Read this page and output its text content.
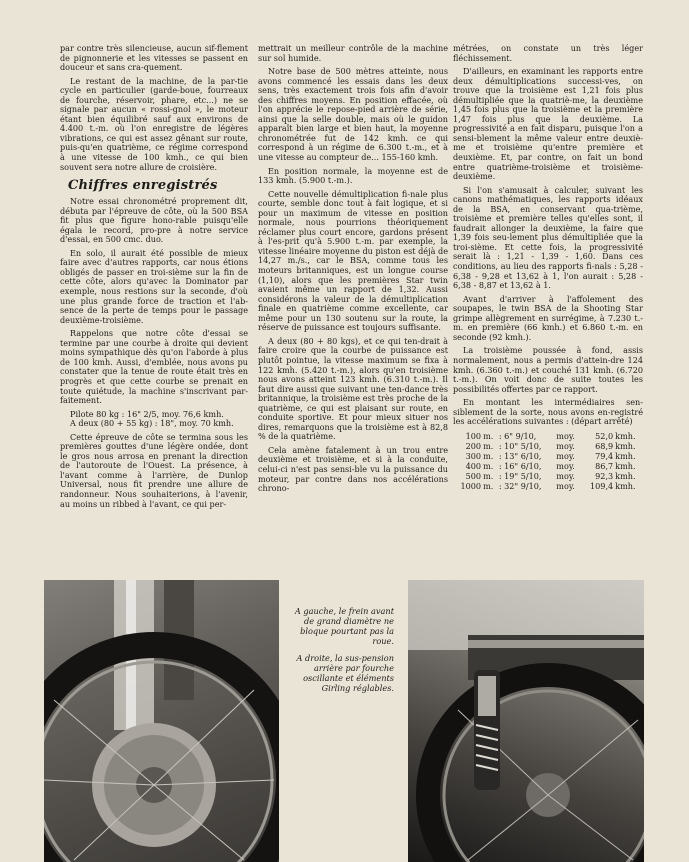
par contre très silencieuse, aucun sif-flement de pignonnerie et les vitesses se passent en douceur et sans cra-quement.

Le restant de la machine, de la par-tie cycle en particulier (garde-boue, fourreaux de fourche, réservoir, phare, etc...) ne se signale par aucun « rossi-gnol », le moteur étant bien équilibré sauf aux environs de 4.400 t.-m. où l'on enregistre de légères vibrations, ce qui est assez gênant sur route, puis-qu'en quatrième, ce régime correspond à une vitesse de 100 kmh., ce qui bien souvent sera notre allure de croisière.

Chiffres enregistrés

Notre essai chronométré proprement dit, débuta par l'épreuve de côte, où la 500 BSA fit plus que figure hono-rable puisqu'elle égala le record, pro-pre à notre service d'essai, en 500 cmc. duo.

En solo, il aurait été possible de mieux faire avec d'autres rapports, car nous étions obligés de passer en troi-sième sur la fin de cette côte, alors qu'avec la Dominator par exemple, nous restions sur la seconde, d'où une plus grande force de traction et l'ab-sence de la perte de temps pour le passage deuxième-troisième.

Rappelons que notre côte d'essai se termine par une courbe à droite qui devient moins sympathique dès qu'on l'aborde à plus de 100 kmh. Aussi, d'emblée, nous avons pu constater que la tenue de route était très en progrès et que cette courbe se prenait en toute quiétude, la machine s'inscrivant par-faitement.

Pilote 80 kg : 16" 2/5, moy. 76,6 kmh.

A deux (80 + 55 kg) : 18", moy. 70 kmh.

Cette épreuve de côte se termina sous les premières gouttes d'une légère ondée, dont le gros nous arrosa en prenant la direction de l'autoroute de l'Ouest. La présence, à l'avant comme à l'arrière, de Dunlop Universal, nous fit prendre une allure de randonneur. Nous souhaiterions, à l'avenir, au moins un ribbed à l'avant, ce qui per-

mettrait un meilleur contrôle de la machine sur sol humide.

Notre base de 500 mètres atteinte, nous avons commencé les essais dans les deux sens, très exactement trois fois afin d'avoir des chiffres moyens. En position effacée, où l'on apprécie le repose-pied arrière de série, ainsi que la selle double, mais où le guidon apparaît bien large et bien haut, la moyenne chronométrée fut de 142 kmh. ce qui correspond à un régime de 6.300 t.-m., et à une vitesse au compteur de... 155-160 kmh.

En position normale, la moyenne est de 133 kmh. (5.900 t.-m.).

Cette nouvelle démultiplication fi-nale plus courte, semble donc tout à fait logique, et si pour un maximum de vitesse en position normale, nous pourrions théoriquement réclamer plus court encore, gardons présent à l'es-prit qu'à 5.900 t.-m. par exemple, la vitesse linéaire moyenne du piston est déjà de 14,27 m./s., car le BSA, comme tous les moteurs britanniques, est un longue course (1,10), alors que les premières Star twin avaient même un rapport de 1,32. Aussi considérons la valeur de la démultiplication finale en quatrième comme excellente, car même pour un 130 soutenu sur la route, la réserve de puissance est toujours suffisante.

A deux (80 + 80 kgs), et ce qui ten-drait à faire croire que la courbe de puissance est plutôt pointue, la vitesse maximum se fixa à 122 kmh. (5.420 t.-m.), alors qu'en troisième nous avons atteint 123 kmh. (6.310 t.-m.). Il faut dire aussi que suivant une ten-dance très britannique, la troisième est très proche de la quatrième, ce qui est plaisant sur route, en conduite sportive. Et pour mieux situer nos dires, remarquons que la troisième est à 82,8 % de la quatrième.

Cela amène fatalement à un trou entre deuxième et troisième, et si à la conduite, celui-ci n'est pas sensi-ble vu la puissance du moteur, par contre dans nos accélérations chrono-

métrées, on constate un très léger fléchissement.

D'ailleurs, en examinant les rapports entre deux démultiplications successi-ves, on trouve que la troisième est 1,21 fois plus démultipliée que la quatriè-me, la deuxième 1,45 fois plus que la troisième et la première 1,47 fois plus que la deuxième. La progressivité a en fait disparu, puisque l'on a sensi-blement la même valeur entre deuxiè-me et troisième qu'entre première et deuxième. Et, par contre, on fait un bond entre quatrième-troisième et troisième-deuxième.

Si l'on s'amusait à calculer, suivant les canons mathématiques, les rapports idéaux de la BSA, en conservant qua-trième, troisième et première telles qu'elles sont, il faudrait allonger la deuxième, la faire que 1,39 fois seu-lement plus démultipliée que la troi-sième. Et cette fois, la progressivité serait là : 1,21 - 1,39 - 1,60. Dans ces conditions, au lieu des rapports fi-nals : 5,28 - 6,38 - 9,28 et 13,62 à 1, l'on aurait : 5,28 - 6,38 - 8,87 et 13,62 à 1.

Avant d'arriver à l'affolement des soupapes, le twin BSA de la Shooting Star grimpe allègrement en surrégime, à 7.230 t.-m. en première (66 kmh.) et 6.860 t.-m. en seconde (92 kmh.).

La troisième poussée à fond, assis normalement, nous a permis d'attein-dre 124 kmh. (6.360 t.-m.) et couché 131 kmh. (6.720 t.-m.). On voit donc de suite toutes les possibilités offertes par ce rapport.

En montant les intermédiaires sen-siblement de la sorte, nous avons en-registré les accélérations suivantes : (départ arrêté)

100	m.	: 6" 9/10,	moy.	52,0	kmh.
200	m.	: 10" 5/10,	moy.	68,9	kmh.
300	m.	: 13" 6/10,	moy.	79,4	kmh.
400	m.	: 16" 6/10,	moy.	86,7	kmh.
500	m.	: 19" 5/10,	moy.	92,3	kmh.
1000	m.	: 32" 9/10,	moy.	109,4	kmh.

A gauche, le frein avant de grand diamètre ne bloque pourtant pas la roue.

A droite, la sus-pension arrière par fourche oscillante et éléments Girling réglables.
